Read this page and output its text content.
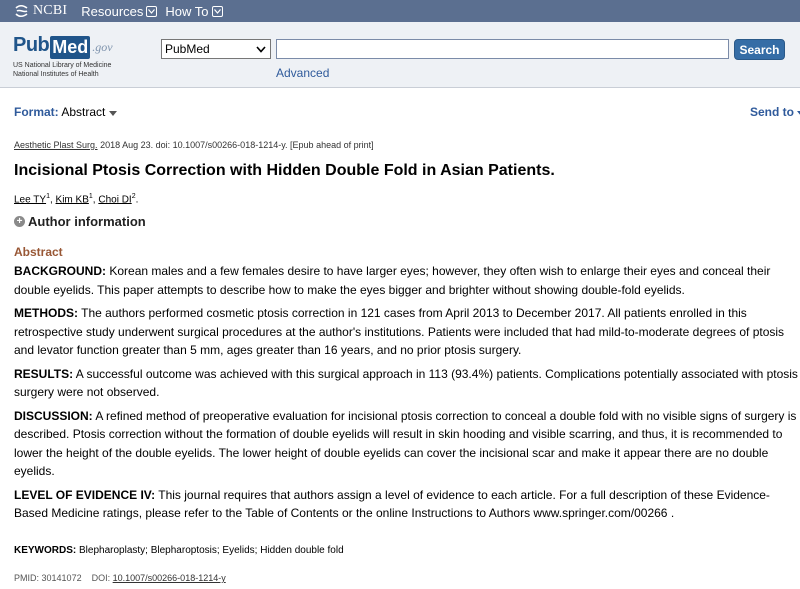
NCBI Resources How To
Pub Med .gov
US National Library of Medicine
National Institutes of Health
PubMed	Search
Advanced
Format: Abstract	Send to
Aesthetic Plast Surg. 2018 Aug 23. doi: 10.1007/s00266-018-1214-y. [Epub ahead of print]
Incisional Ptosis Correction with Hidden Double Fold in Asian Patients.
Lee $TY^1$, Kim $KB^1$, Choi $DI^2$.
+ Author information
Abstract

BACKGROUND: Korean males and a few females desire to have larger eyes; however, they often wish to enlarge their eyes and conceal their double eyelids. This paper attempts to describe how to make the eyes bigger and brighter without showing double-fold eyelids.

METHODS: The authors performed cosmetic ptosis correction in 121 cases from April 2013 to December 2017. All patients enrolled in this retrospective study underwent surgical procedures at the author's institutions. Patients were included that had mild-to-moderate degrees of ptosis and levator function greater than 5 mm, ages greater than 16 years, and no prior ptosis surgery.

RESULTS: A successful outcome was achieved with this surgical approach in 113 (93.4%) patients. Complications potentially associated with ptosis surgery were not observed.

DISCUSSION: A refined method of preoperative evaluation for incisional ptosis correction to conceal a double fold with no visible signs of surgery is described. Ptosis correction without the formation of double eyelids will result in skin hooding and visible scarring, and thus, it is recommended to lower the height of the double eyelids. The lower height of double eyelids can cover the incisional scar and make it appear there are no double eyelids.

LEVEL OF EVIDENCE IV: This journal requires that authors assign a level of evidence to each article. For a full description of these Evidence-Based Medicine ratings, please refer to the Table of Contents or the online Instructions to Authors www.springer.com/00266 .

KEYWORDS: Blepharoplasty; Blepharoptosis; Eyelids; Hidden double fold
PMID: 30141072 DOI: 10.1007/s00266-018-1214-y
